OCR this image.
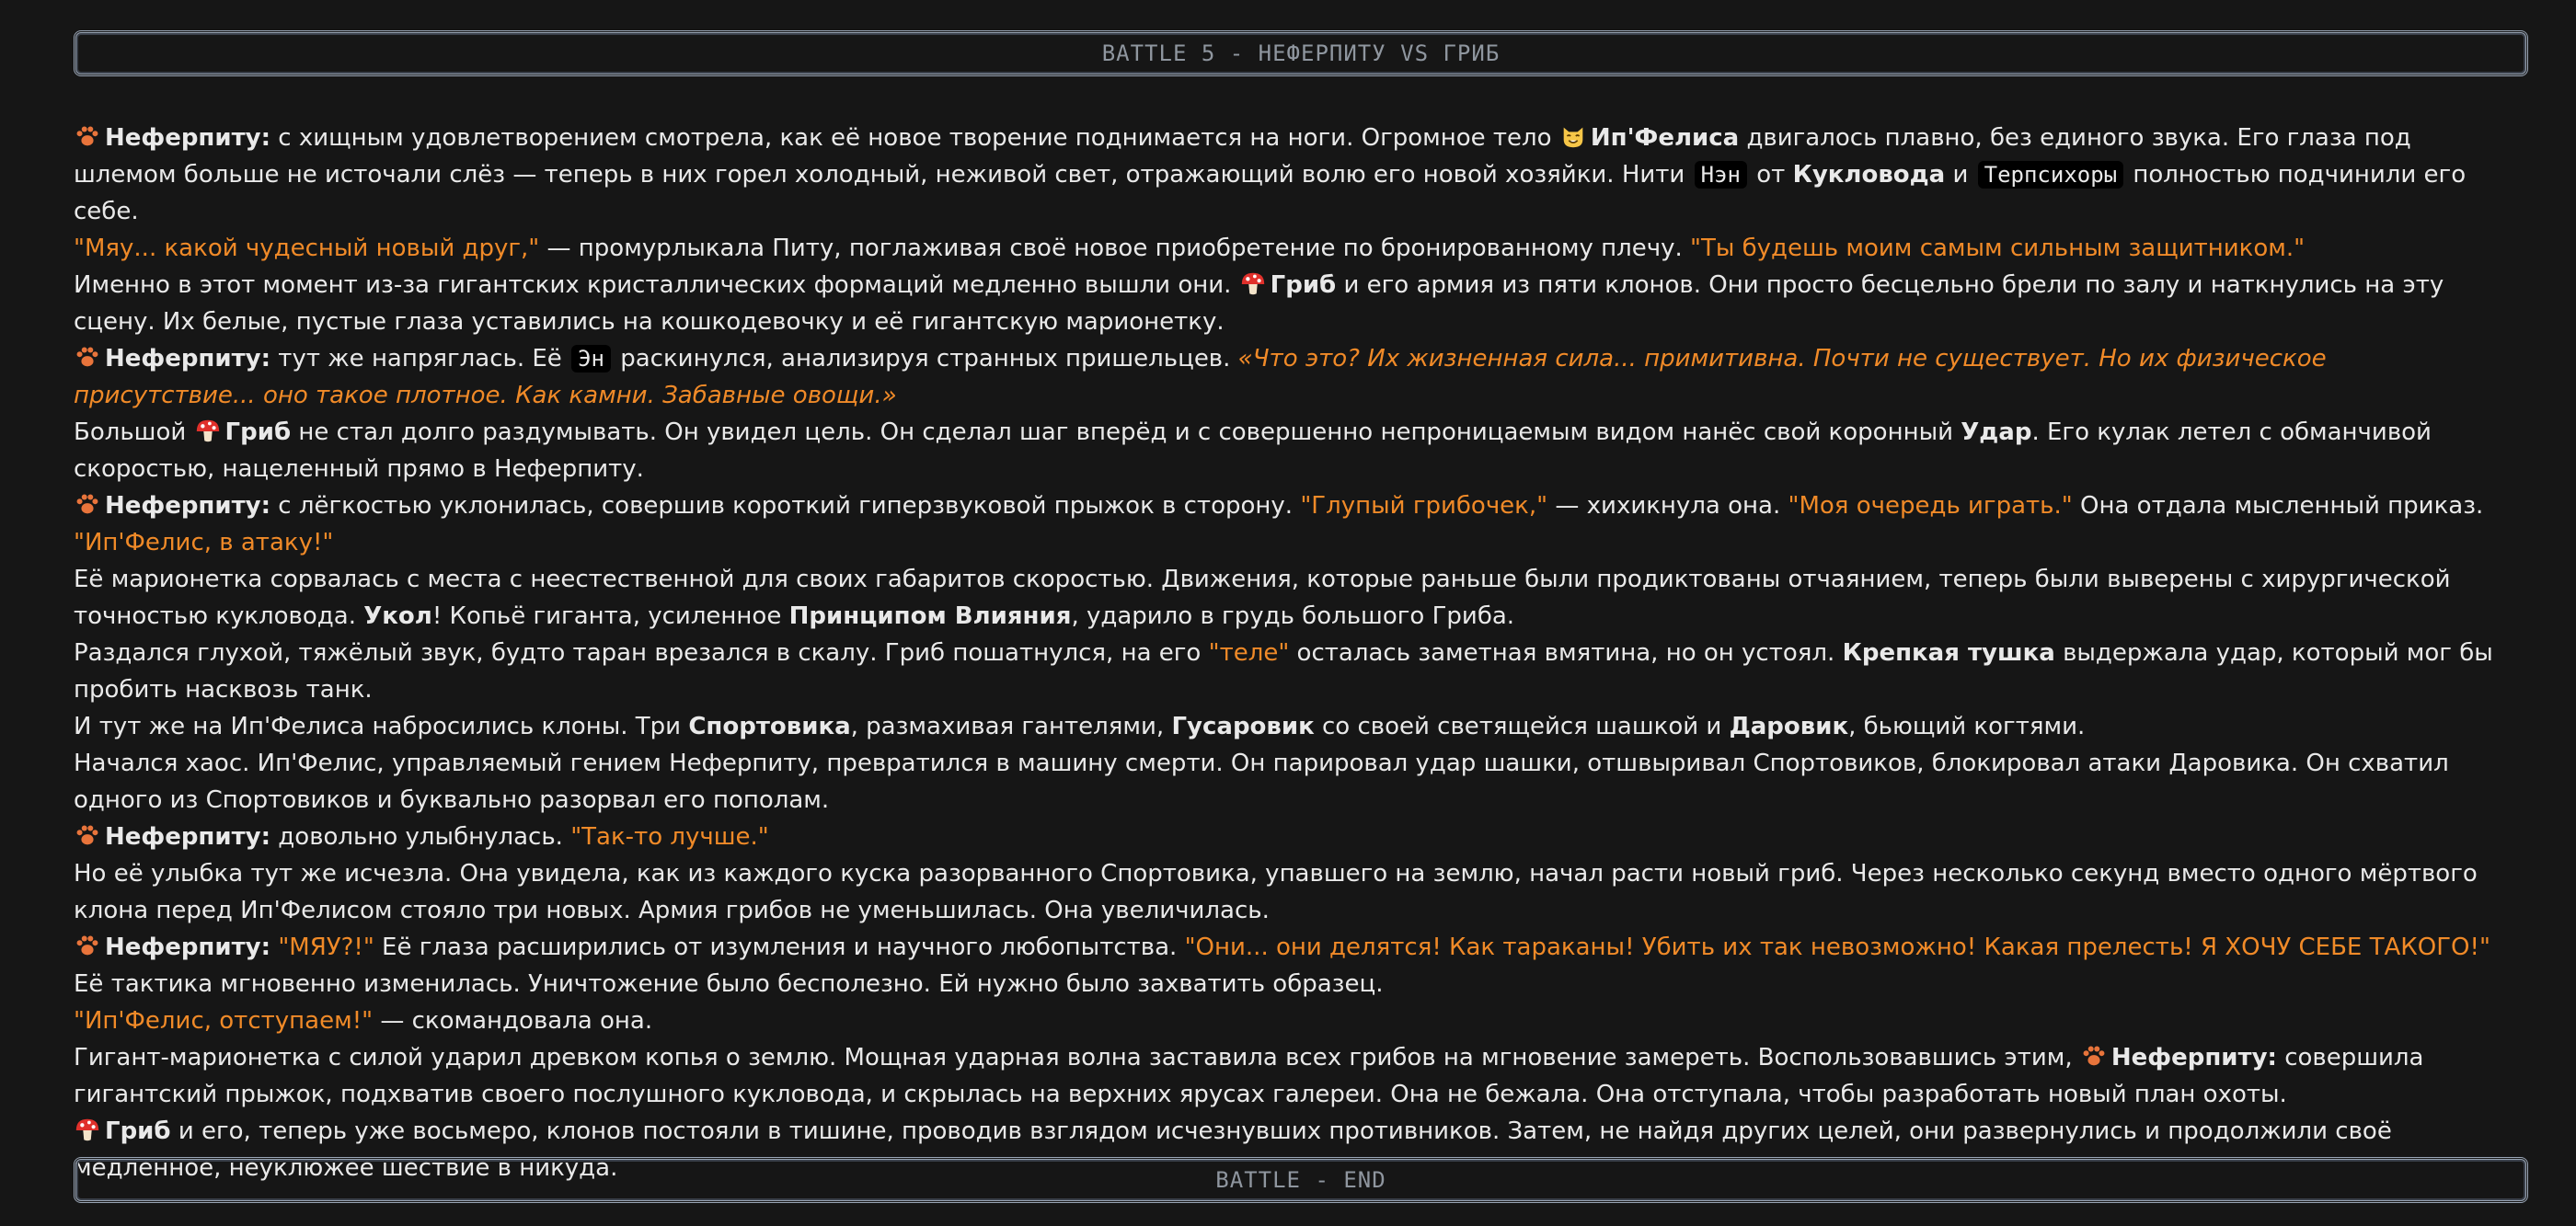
BATTLE 5 - НЕФЕРПИТУ VS ГРИБ

Неферпиту: с хищным удовлетворением смотрела, как её новое творение поднимается на ноги. Огромное тело
Ип'Фелиса двигалось плавно, без единого звука. Его глаза под шлемом больше не источали слёз — теперь в них горел холодный, неживой свет, отражающий волю его новой хозяйки. Нити Нэн от Кукловода и Терпсихоры полностью подчинили его себе.

"Мяу... какой чудесный новый друг," — промурлыкала Питу, поглаживая своё новое приобретение по бронированному плечу. "Ты будешь моим самым сильным защитником."

Именно в этот момент из-за гигантских кристаллических формаций медленно вышли они.
Гриб и его армия из пяти клонов. Они просто бесцельно брели по залу и наткнулись на эту сцену. Их белые, пустые глаза уставились на кошкодевочку и её гигантскую марионетку.

Неферпиту: тут же напряглась. Её Эн раскинулся, анализируя странных пришельцев. «Что это? Их жизненная сила... примитивна. Почти не существует. Но их физическое присутствие... оно такое плотное. Как камни. Забавные овощи.»

Большой
Гриб не стал долго раздумывать. Он увидел цель. Он сделал шаг вперёд и с совершенно непроницаемым видом нанёс свой коронный Удар. Его кулак летел с обманчивой скоростью, нацеленный прямо в Неферпиту.

Неферпиту: с лёгкостью уклонилась, совершив короткий гиперзвуковой прыжок в сторону. "Глупый грибочек," — хихикнула она. "Моя очередь играть." Она отдала мысленный приказ. "Ип'Фелис, в атаку!"

Её марионетка сорвалась с места с неестественной для своих габаритов скоростью. Движения, которые раньше были продиктованы отчаянием, теперь были выверены с хирургической точностью кукловода. Укол! Копьё гиганта, усиленное Принципом Влияния, ударило в грудь большого Гриба.

Раздался глухой, тяжёлый звук, будто таран врезался в скалу. Гриб пошатнулся, на его "теле" осталась заметная вмятина, но он устоял. Крепкая тушка выдержала удар, который мог бы пробить насквозь танк.

И тут же на Ип'Фелиса набросились клоны. Три Спортовика, размахивая гантелями, Гусаровик со своей светящейся шашкой и Даровик, бьющий когтями.

Начался хаос. Ип'Фелис, управляемый гением Неферпиту, превратился в машину смерти. Он парировал удар шашки, отшвыривал Спортовиков, блокировал атаки Даровика. Он схватил одного из Спортовиков и буквально разорвал его пополам.

Неферпиту: довольно улыбнулась. "Так-то лучше."

Но её улыбка тут же исчезла. Она увидела, как из каждого куска разорванного Спортовика, упавшего на землю, начал расти новый гриб. Через несколько секунд вместо одного мёртвого клона перед Ип'Фелисом стояло три новых. Армия грибов не уменьшилась. Она увеличилась.

Неферпиту: "МЯУ?!" Её глаза расширились от изумления и научного любопытства. "Они... они делятся! Как тараканы! Убить их так невозможно! Какая прелесть! Я ХОЧУ СЕБЕ ТАКОГО!"

Её тактика мгновенно изменилась. Уничтожение было бесполезно. Ей нужно было захватить образец.

"Ип'Фелис, отступаем!" — скомандовала она.

Гигант-марионетка с силой ударил древком копья о землю. Мощная ударная волна заставила всех грибов на мгновение замереть. Воспользовавшись этим,
Неферпиту: совершила гигантский прыжок, подхватив своего послушного кукловода, и скрылась на верхних ярусах галереи. Она не бежала. Она отступала, чтобы разработать новый план охоты.

Гриб и его, теперь уже восьмеро, клонов постояли в тишине, проводив взглядом исчезнувших противников. Затем, не найдя других целей, они развернулись и продолжили своё медленное, неуклюжее шествие в никуда.	BATTLE - END
